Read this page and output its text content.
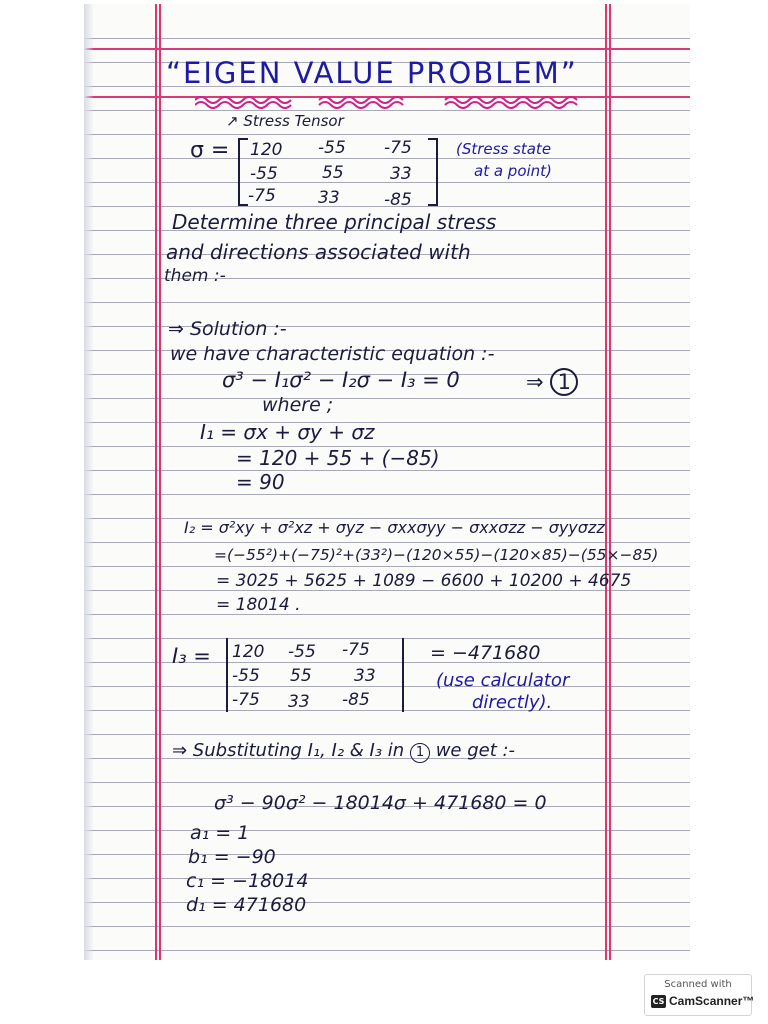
“EIGEN VALUE PROBLEM”
↗ Stress Tensor
σ = 120 -55 -75
-55	55	33
-75 33	-85
(Stress state
at a point)
Determine three principal stress
and directions associated with
them :-
⇒ Solution :-
we have characteristic equation :-
σ³ − I₁σ² − I₂σ − I₃ = 0	⇒ 1
where ;
I₁ = σx + σy + σz
= 120 + 55 + (−85)
= 90
I₂ = σ²xy + σ²xz + σyz − σxxσyy − σxxσzz − σyyσzz
=(−55²)+(−75)²+(33²)−(120×55)−(120×85)−(55×−85)
= 3025 + 5625 + 1089 − 6600 + 10200 + 4675
= 18014 .
I₃ = 120 -55 -75
-55 55 33
-75 33 -85
= −471680
(use calculator
directly).
⇒ Substituting I₁, I₂ & I₃ in 1 we get :-
σ³ − 90σ² − 18014σ + 471680 = 0
a₁ = 1
b₁ = −90
c₁ = −18014
d₁ = 471680
Scanned with
CS CamScanner™
